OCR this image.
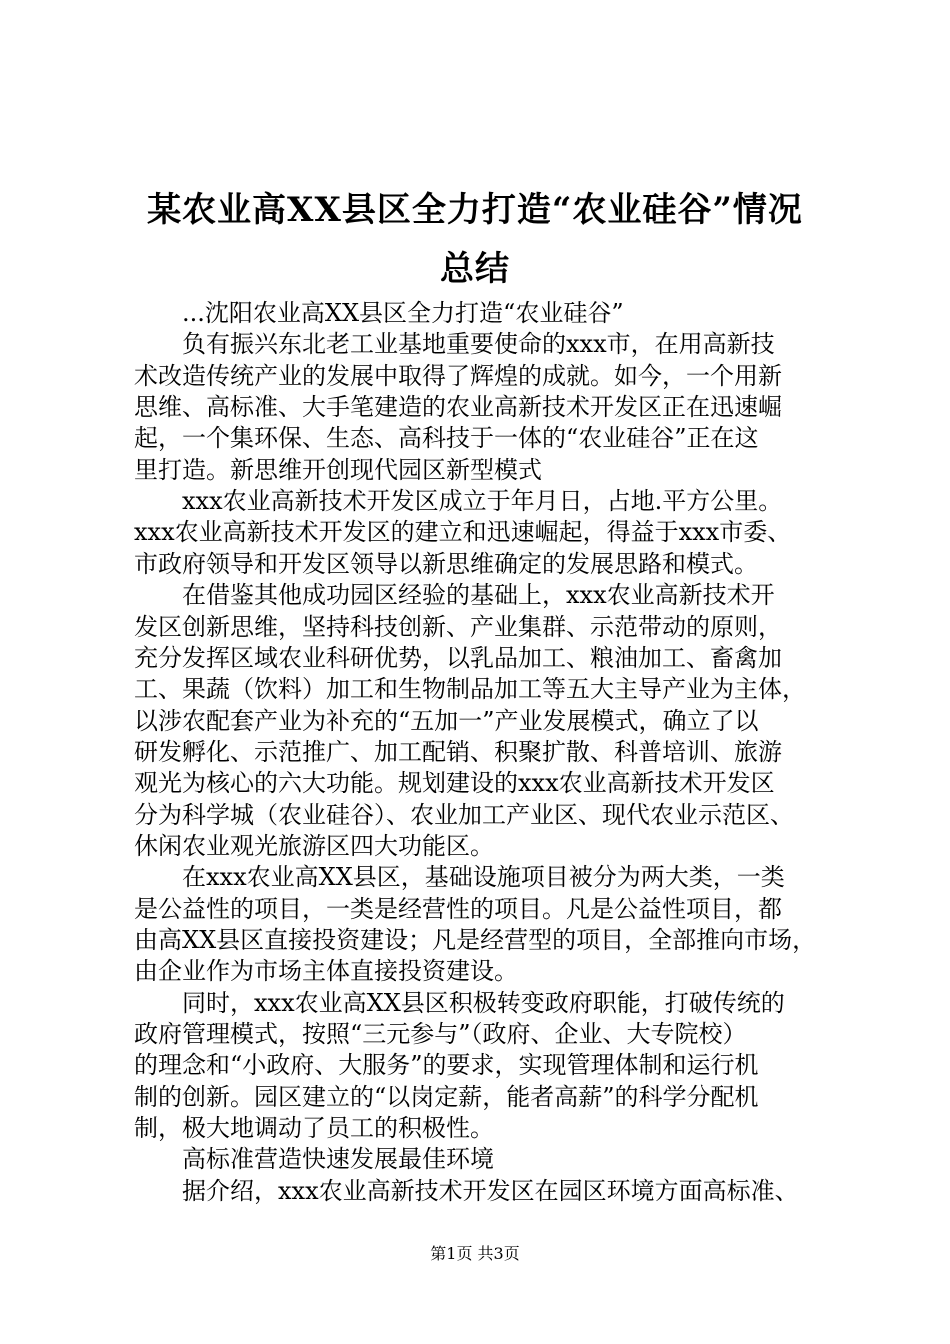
某农业高XX县区全力打造“农业硅谷”情况
总结
...沈阳农业高XX县区全力打造“农业硅谷”
负有振兴东北老工业基地重要使命的xxx市，在用高新技
术改造传统产业的发展中取得了辉煌的成就。如今，一个用新
思维、高标准、大手笔建造的农业高新技术开发区正在迅速崛
起，一个集环保、生态、高科技于一体的“农业硅谷”正在这
里打造。新思维开创现代园区新型模式
xxx农业高新技术开发区成立于年月日，占地.平方公里。
xxx农业高新技术开发区的建立和迅速崛起，得益于xxx市委、
市政府领导和开发区领导以新思维确定的发展思路和模式。
在借鉴其他成功园区经验的基础上，xxx农业高新技术开
发区创新思维，坚持科技创新、产业集群、示范带动的原则，
充分发挥区域农业科研优势，以乳品加工、粮油加工、畜禽加
工、果蔬（饮料）加工和生物制品加工等五大主导产业为主体，
以涉农配套产业为补充的“五加一”产业发展模式，确立了以
研发孵化、示范推广、加工配销、积聚扩散、科普培训、旅游
观光为核心的六大功能。规划建设的xxx农业高新技术开发区
分为科学城（农业硅谷）、农业加工产业区、现代农业示范区、
休闲农业观光旅游区四大功能区。
在xxx农业高XX县区，基础设施项目被分为两大类，一类
是公益性的项目，一类是经营性的项目。凡是公益性项目，都
由高XX县区直接投资建设；凡是经营型的项目，全部推向市场，
由企业作为市场主体直接投资建设。
同时，xxx农业高XX县区积极转变政府职能，打破传统的
政府管理模式，按照“三元参与”（政府、企业、大专院校）
的理念和“小政府、大服务”的要求，实现管理体制和运行机
制的创新。园区建立的“以岗定薪，能者高薪”的科学分配机
制，极大地调动了员工的积极性。
高标准营造快速发展最佳环境
据介绍，xxx农业高新技术开发区在园区环境方面高标准、
第1页 共3页
